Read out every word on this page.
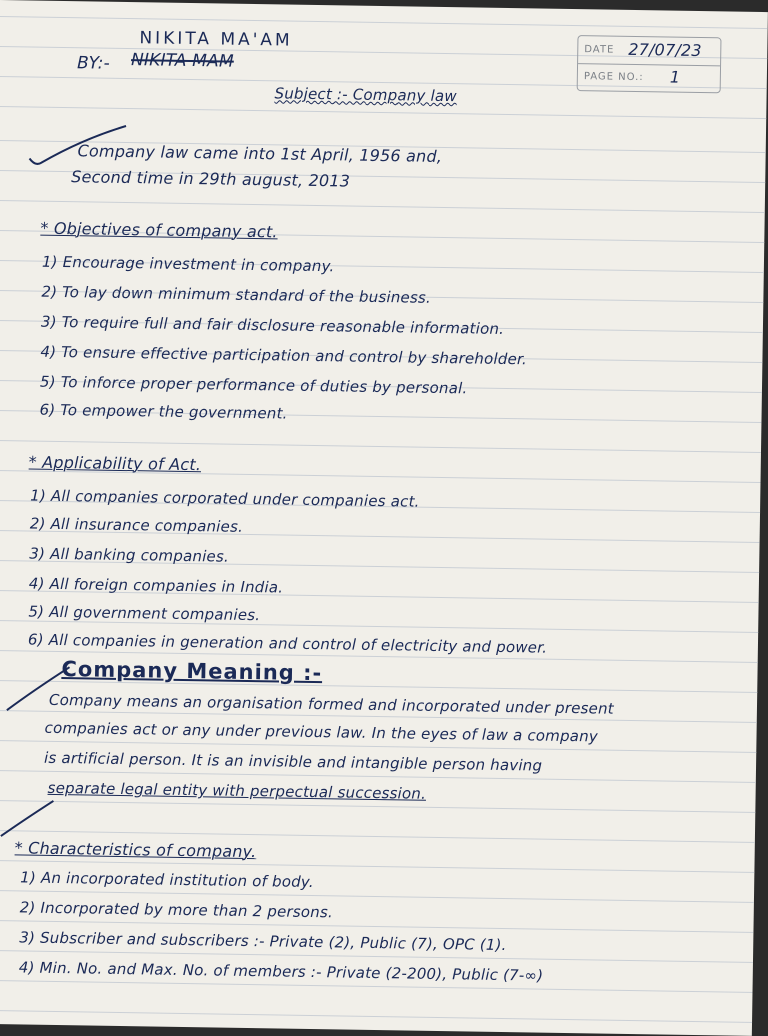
NIKITA MA'AM
BY:- NIKITA MAM
DATE 27/07/23
PAGE NO.: 1
Subject :- Company law
Company law came into 1st April, 1956 and,
Second time in 29th august, 2013
* Objectives of company act.
1) Encourage investment in company.
2) To lay down minimum standard of the business.
3) To require full and fair disclosure reasonable information.
4) To ensure effective participation and control by shareholder.
5) To inforce proper performance of duties by personal.
6) To empower the government.
* Applicability of Act.
1) All companies corporated under companies act.
2) All insurance companies.
3) All banking companies.
4) All foreign companies in India.
5) All government companies.
6) All companies in generation and control of electricity and power.
Company Meaning :-
Company means an organisation formed and incorporated under present
companies act or any under previous law. In the eyes of law a company
is artificial person. It is an invisible and intangible person having
separate legal entity with perpectual succession.
* Characteristics of company.
1) An incorporated institution of body.
2) Incorporated by more than 2 persons.
3) Subscriber and subscribers :- Private (2), Public (7), OPC (1).
4) Min. No. and Max. No. of members :- Private (2-200), Public (7-∞)
